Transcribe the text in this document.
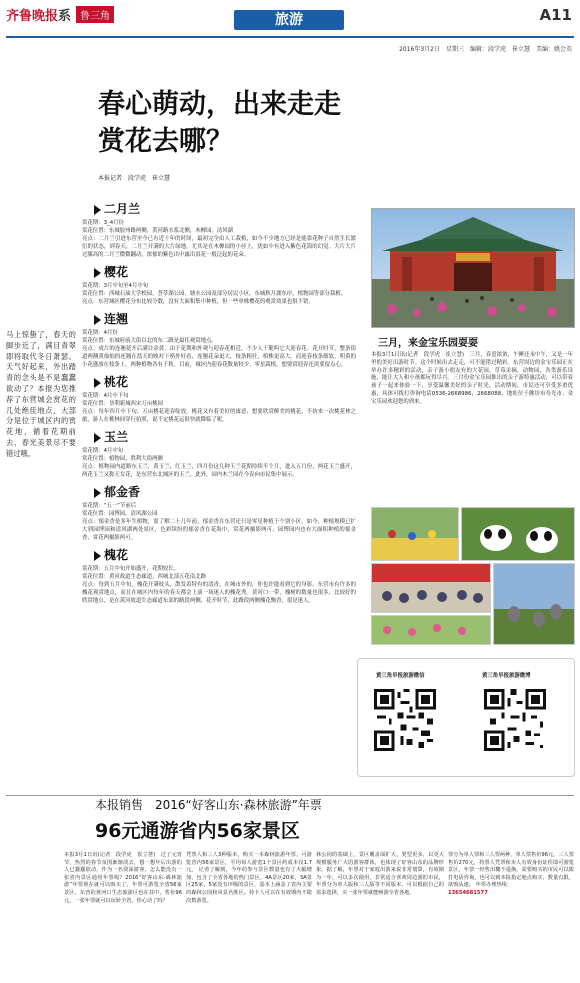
齐鲁晚报系 鲁三角	旅游	A11
2016年3月2日　星期三　编辑：段学虎　崔立慧　美编：姚会英
春心萌动，出来走走
赏花去哪？
本报记者　段学虎　崔立慧

马上惊蛰了，春天的脚步近了，满目青翠即将取代冬日萧瑟。天气好起来，外出踏青的念头是不是蠢蠢欲动了？本报为您推荐了东营城会赏花的几处绝佳地点，大部分是位于城区内的赏花地，循着花期前去，春光美景尽不要错过哦。

二月兰
赏花期：3_4月份
赏花位置：东城胶州路两侧，黄河路水系北侧，木樨园，清风湖
亮点：二月兰引进东营至今已有近十年的时间，最初完全由人工栽植，如今不少地方已经是能靠花种子自然生长繁衍的状态，到春天，二月兰开满的大片绿地，尤其是在木樨园的小径上，犹如中有进入紫色花海的幻觉。大片大片过膝高的二月兰微微翻动，浓郁的紫色出中露出浪花一般泛起的花朵。
樱花
赏花期：3月中旬至4月中旬
赏花位置：西城石油大学校园，荟萃湖公园，塘水公园及部分居民小区，东城秋月湖东岸，植物园等部分栽植。
亮点：东营城区樱花分布比较分散，没有大面积集中种植，但一些单株樱花的观赏效果也很不错。
连翘
赏花期：4月份
赏花位置：东城府前大街以北的东二路是最佳观赏地点。
亮点：成片的连翘花开后满目金黄，由于花期和外观与迎春花相近，不少人干脆叫它大迎春花。花开时节，整条街道两侧黄灿灿的连翘在蓝天的映衬下格外好看，连翘花朵更大，枝条粗壮，植株更高大，而迎春枝条细软，明黄的小花盛放在枝条上，两种植物各有千秋。目前，城区内迎春花数量较少，零星栽植，想要赏迎春还需要留点心。
桃花
赏花期：4月中下旬
赏花位置：垦利新城西宋万亩桃园
亮点：每年四月中下旬，万亩桃花迎春绽放，桃花又有着美好的寓意，想要欣赏醉美的桃花，不妨来一次桃花林之旅，游人在桃林间穿行拍照，说不定桃花运很快就降临了呢。
玉兰
赏花期：4月中旬
赏花位置：植物园，胜利大街两侧
亮点：植物园内道路东玉兰，黄玉兰，红玉兰，四月份这几种玉兰花期持续半个月，进入五月份，两花玉兰盛开，两花玉兰又称天女花，是东营东北城区的玉兰，此外，园内木兰园在今春向市民集中展示。
郁金香
赏花期：“五一”节前后
赏花位置：园博园，清风湖公园
亮点：郁金香是多年生植物，需了解二十几年前，郁金香在东营还只是零星种植于个别小区，如今，种植规模已扩大到园博园和清风湖两处景区，色彩缤纷的郁金香在花海中，赏花两摄影两可。园博园内也有大面积种植的郁金香，赏花两摄影两可。
槐花
赏花期：五月中旬开始盛开，花期较长。
赏花位置：黄河故道生态廊道，西城北部五花南北路
亮点：每到五月中旬，槐花开满枝头，散发着特有的清香，在城市外的，你也许能看到它的身影，东营市有许多的槐花观赏地点，而且在城区内每年的春天都会上演一场迷人的槐花秀。黄河口一带，槐树的数量也很多，比较好的欣赏地点，是在黄河故道生态廊道东部的路段两侧，花开时节，此路段两侧槐花飘香，很是迷人。
三月，来金宝乐园耍耍

本报3月1日讯(记者　段学虎　崔立慧)　三月，春意浓浓，午睡还未中午，又是一年里的美好出游时节。这个时候出去走走，可不能错过精彩。东营周边的金宝乐园正在举办许多精彩的活动，亲子游小朋友有的大花园，草莓采摘，动物园，各类游乐设施，能让大人和小孩都玩得尽兴。三月份金宝乐园推出的亲子游特惠活动，可以带着孩子一起来体验一下，享受温馨美好的亲子时光。活动期间，市民还可享受多重优惠，具体可拨打咨询电话0536-2668986，2668088，地址位于潍坊市寿光市，金宝乐园欢迎您的到来。

黄三角早报旅游微信	黄三角早报旅游微博
本报销售　2016“好客山东·森林旅游”年票
96元通游省内56家景区

本报3月1日讯(记者　段学虎　崔立慧)　过了元宵节，热烈的春节氛围渐渐淡去，想一想年后出游的人已蠢蠢欲动，作为一名资深游客，怎么能没有一张省内景区通用年票呢？2016“好客山东·森林旅游”年票现在就可以购买了，年票可游览全省56家景区，东营的黄河口生态旅游区也在其中，售价96元，一张年票就可以玩转全省，你心动了吗？

凭票人和三人3种版本，购买一本森林旅游年票，可游览省内56家景区，平均每人游览1个景区约成本仅1.7元。 记者了解到，今年的参与景区数量也有了大幅增加，包含了全省各地的热门景区，4A景区20家，3A景区25家，5家没有评级的景区，基本上涵盖了省内主要的森林公园和风景名胜区。持卡人可以在有效期内不限次数游览。

林公园的基础上，景区覆盖面扩大，类型更多，以更大规模服务广大的游客群体，也体现了好客山东的品牌形象。据了解，年票对于家庭出游来说非常划算，有效期为一年，可以多次使用，非常适合喜欢周边游的市民，年票分为单人版和三人版等不同版本，可以根据自己的需求选择，买一张年票就能畅游全省各地。

票分为单人票和三人票两种，单人票售价96元，三人票售价270元，持票人凭票和本人有效身份证件即可游览景区，年票一经售出概不退换。需要购买的市民可以拨打电话咨询，也可以到本报指定地点购买，数量有限，欲购从速。 年票办理热线：

13654681577
